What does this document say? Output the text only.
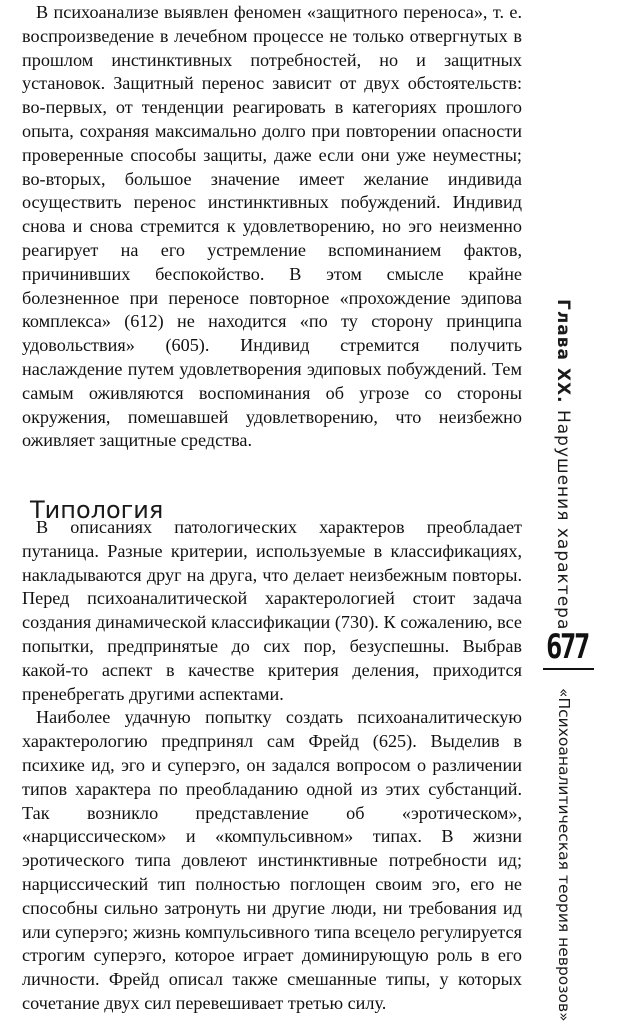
В психоанализе выявлен феномен «защитного переноса», т. е. воспроизведение в лечебном процессе не только отвергнутых в прошлом инстинктивных потребностей, но и защитных установок. Защитный перенос зависит от двух обстоятельств: во-первых, от тенденции реагировать в категориях прошлого опыта, сохраняя максимально долго при повторении опасности проверенные способы защиты, даже если они уже неуместны; во-вторых, большое значение имеет желание индивида осуществить перенос инстинктивных побуждений. Индивид снова и снова стремится к удовлетворению, но эго неизменно реагирует на его устремление вспоминанием фактов, причинивших беспокойство. В этом смысле крайне болезненное при переносе повторное «прохождение эдипова комплекса» (612) не находится «по ту сторону принципа удовольствия» (605). Индивид стремится получить наслаждение путем удовлетворения эдиповых побуждений. Тем самым оживляются воспоминания об угрозе со стороны окружения, помешавшей удовлетворению, что неизбежно оживляет защитные средства.

Типология

В описаниях патологических характеров преобладает путаница. Разные критерии, используемые в классификациях, накладываются друг на друга, что делает неизбежным повторы. Перед психоаналитической характерологией стоит задача создания динамической классификации (730). К сожалению, все попытки, предпринятые до сих пор, безуспешны. Выбрав какой-то аспект в качестве критерия деления, приходится пренебрегать другими аспектами.

Наиболее удачную попытку создать психоаналитическую характерологию предпринял сам Фрейд (625). Выделив в психике ид, эго и суперэго, он задался вопросом о различении типов характера по преобладанию одной из этих субстанций. Так возникло представление об «эротическом», «нарциссическом» и «компульсивном» типах. В жизни эротического типа довлеют инстинктивные потребности ид; нарциссический тип полностью поглощен своим эго, его не способны сильно затронуть ни другие люди, ни требования ид или суперэго; жизнь компульсивного типа всецело регулируется строгим суперэго, которое играет доминирующую роль в его личности. Фрейд описал также смешанные типы, у которых сочетание двух сил перевешивает третью силу.

Глава XX. Нарушения характера
677
«Психоаналитическая теория неврозов»
